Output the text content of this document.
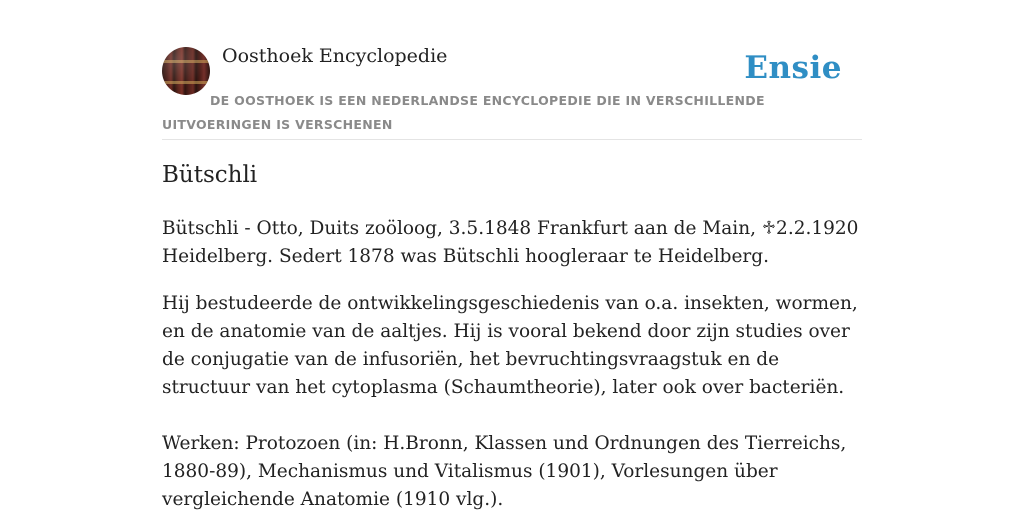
Oosthoek Encyclopedie	Ensie
DE OOSTHOEK IS EEN NEDERLANDSE ENCYCLOPEDIE DIE IN VERSCHILLENDE UITVOERINGEN IS VERSCHENEN
Bütschli

Bütschli - Otto, Duits zoöloog, 3.5.1848 Frankfurt aan de Main, ♱2.2.1920 Heidelberg. Sedert 1878 was Bütschli hoogleraar te Heidelberg.

Hij bestudeerde de ontwikkelingsgeschiedenis van o.a. insekten, wormen, en de anatomie van de aaltjes. Hij is vooral bekend door zijn studies over de conjugatie van de infusoriën, het bevruchtingsvraagstuk en de structuur van het cytoplasma (Schaumtheorie), later ook over bacteriën.

Werken: Protozoen (in: H.Bronn, Klassen und Ordnungen des Tierreichs, 1880-89), Mechanismus und Vitalismus (1901), Vorlesungen über vergleichende Anatomie (1910 vlg.).
